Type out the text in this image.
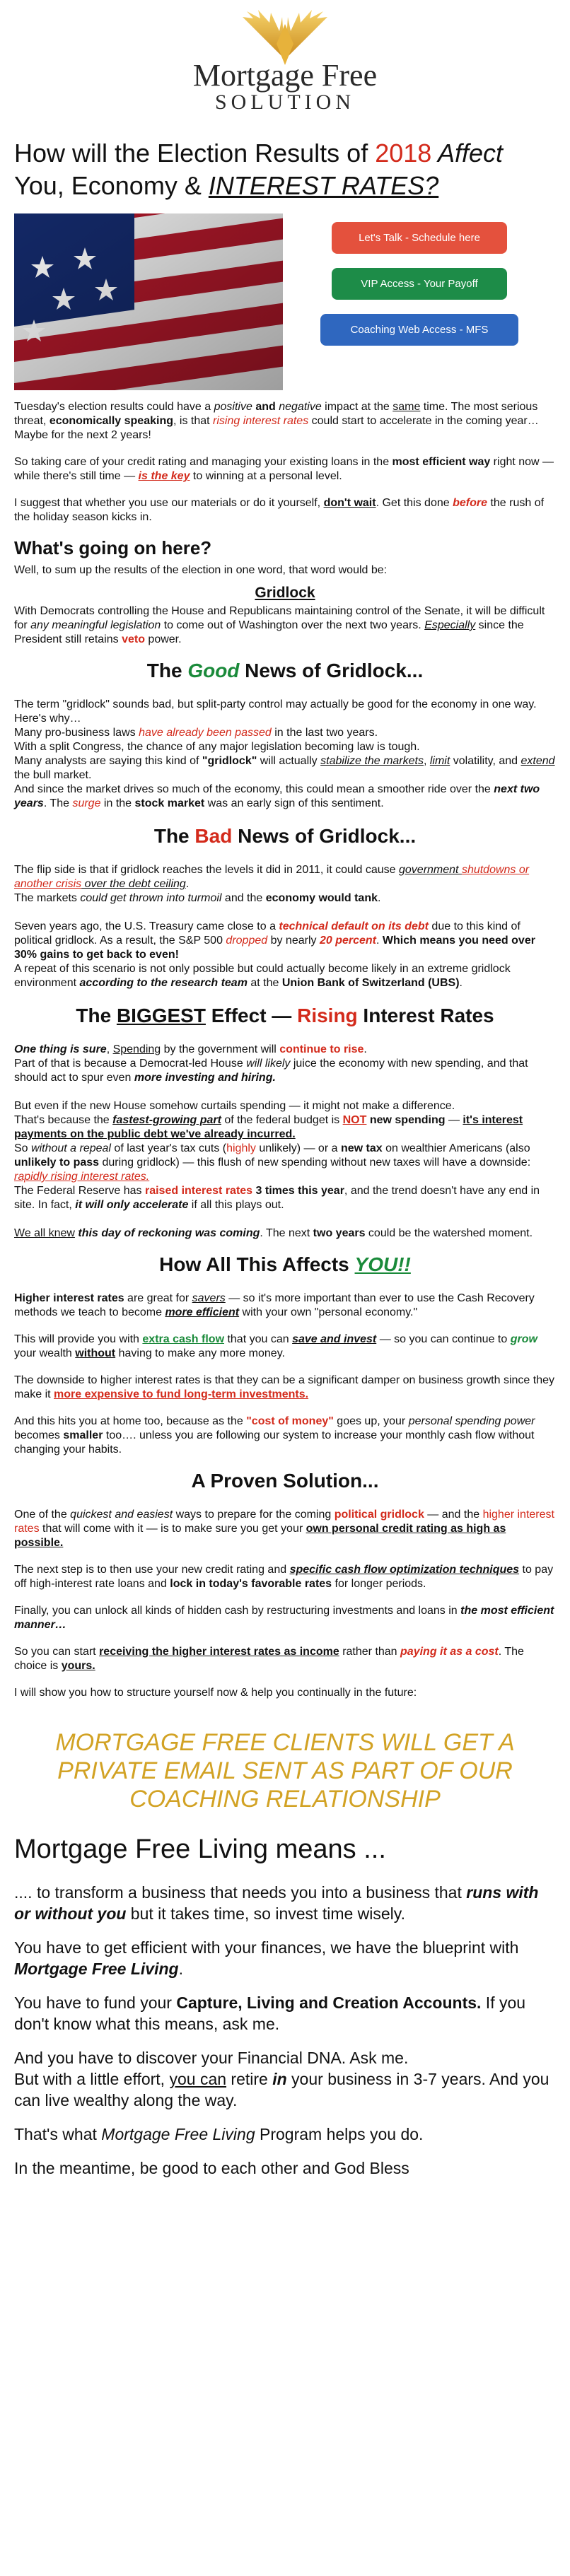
Mortgage Free
SOLUTION
How will the Election Results of 2018 Affect
You, Economy & INTEREST RATES?
Let's Talk - Schedule here
VIP Access - Your Payoff
Coaching Web Access - MFS

Tuesday's election results could have a positive and negative impact at the same time. The most serious threat, economically speaking, is that rising interest rates could start to accelerate in the coming year… Maybe for the next 2 years!

So taking care of your credit rating and managing your existing loans in the most efficient way right now — while there's still time — is the key to winning at a personal level.

I suggest that whether you use our materials or do it yourself, don't wait. Get this done before the rush of the holiday season kicks in.

What's going on here?

Well, to sum up the results of the election in one word, that word would be:

Gridlock

With Democrats controlling the House and Republicans maintaining control of the Senate, it will be difficult for any meaningful legislation to come out of Washington over the next two years. Especially since the President still retains veto power.

The Good News of Gridlock...
The term "gridlock" sounds bad, but split-party control may actually be good for the economy in one way. Here's why…
Many pro-business laws have already been passed in the last two years.
With a split Congress, the chance of any major legislation becoming law is tough.
Many analysts are saying this kind of "gridlock" will actually stabilize the markets, limit volatility, and extend the bull market.
And since the market drives so much of the economy, this could mean a smoother ride over the next two years. The surge in the stock market was an early sign of this sentiment.
The Bad News of Gridlock...
The flip side is that if gridlock reaches the levels it did in 2011, it could cause government shutdowns or another crisis over the debt ceiling.
The markets could get thrown into turmoil and the economy would tank.
Seven years ago, the U.S. Treasury came close to a technical default on its debt due to this kind of political gridlock. As a result, the S&P 500 dropped by nearly 20 percent. Which means you need over 30% gains to get back to even!
A repeat of this scenario is not only possible but could actually become likely in an extreme gridlock environment according to the research team at the Union Bank of Switzerland (UBS).
The BIGGEST Effect — Rising Interest Rates
One thing is sure, Spending by the government will continue to rise.
Part of that is because a Democrat-led House will likely juice the economy with new spending, and that should act to spur even more investing and hiring.
But even if the new House somehow curtails spending — it might not make a difference.
That's because the fastest-growing part of the federal budget is NOT new spending — it's interest payments on the public debt we've already incurred.
So without a repeal of last year's tax cuts (highly unlikely) — or a new tax on wealthier Americans (also unlikely to pass during gridlock) — this flush of new spending without new taxes will have a downside: rapidly rising interest rates.
The Federal Reserve has raised interest rates 3 times this year, and the trend doesn't have any end in site. In fact, it will only accelerate if all this plays out.

We all knew this day of reckoning was coming. The next two years could be the watershed moment.

How All This Affects YOU!!

Higher interest rates are great for savers — so it's more important than ever to use the Cash Recovery methods we teach to become more efficient with your own "personal economy."

This will provide you with extra cash flow that you can save and invest — so you can continue to grow your wealth without having to make any more money.

The downside to higher interest rates is that they can be a significant damper on business growth since they make it more expensive to fund long-term investments.

And this hits you at home too, because as the "cost of money" goes up, your personal spending power becomes smaller too…. unless you are following our system to increase your monthly cash flow without changing your habits.

A Proven Solution...

One of the quickest and easiest ways to prepare for the coming political gridlock — and the higher interest rates that will come with it — is to make sure you get your own personal credit rating as high as possible.

The next step is to then use your new credit rating and specific cash flow optimization techniques to pay off high-interest rate loans and lock in today's favorable rates for longer periods.

Finally, you can unlock all kinds of hidden cash by restructuring investments and loans in the most efficient manner…

So you can start receiving the higher interest rates as income rather than paying it as a cost. The choice is yours.

I will show you how to structure yourself now & help you continually in the future:

MORTGAGE FREE CLIENTS WILL GET A PRIVATE EMAIL SENT AS PART OF OUR COACHING RELATIONSHIP
Mortgage Free Living means ...

.... to transform a business that needs you into a business that runs with or without you but it takes time, so invest time wisely.

You have to get efficient with your finances, we have the blueprint with Mortgage Free Living.

You have to fund your Capture, Living and Creation Accounts. If you don't know what this means, ask me.

And you have to discover your Financial DNA. Ask me.
But with a little effort, you can retire in your business in 3-7 years. And you can live wealthy along the way.

That's what Mortgage Free Living Program helps you do.

In the meantime, be good to each other and God Bless
